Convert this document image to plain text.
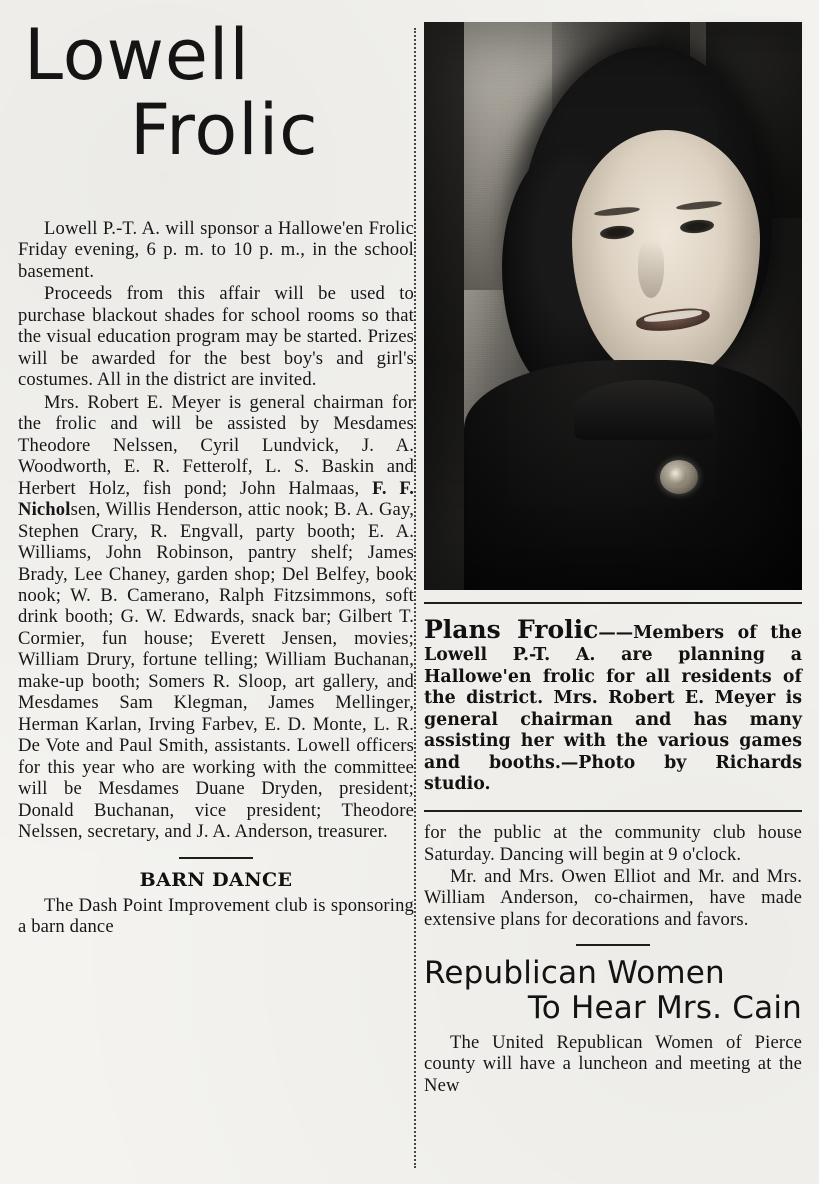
Lowell
Frolic

Lowell P.-T. A. will sponsor a Hallowe'en Frolic Friday evening, 6 p. m. to 10 p. m., in the school basement.

Proceeds from this affair will be used to purchase blackout shades for school rooms so that the visual education program may be started. Prizes will be awarded for the best boy's and girl's costumes. All in the district are invited.

Mrs. Robert E. Meyer is general chairman for the frolic and will be assisted by Mesdames Theodore Nelssen, Cyril Lundvick, J. A. Woodworth, E. R. Fetterolf, L. S. Baskin and Herbert Holz, fish pond; John Halmaas, F. F. Nicholsen, Willis Henderson, attic nook; B. A. Gay, Stephen Crary, R. Engvall, party booth; E. A. Williams, John Robinson, pantry shelf; James Brady, Lee Chaney, garden shop; Del Belfey, book nook; W. B. Camerano, Ralph Fitzsimmons, soft drink booth; G. W. Edwards, snack bar; Gilbert T. Cormier, fun house; Everett Jensen, movies; William Drury, fortune telling; William Buchanan, make-up booth; Somers R. Sloop, art gallery, and Mesdames Sam Klegman, James Mellinger, Herman Karlan, Irving Farbev, E. D. Monte, L. R. De Vote and Paul Smith, assistants. Lowell officers for this year who are working with the committee will be Mesdames Duane Dryden, president; Donald Buchanan, vice president; Theodore Nelssen, secretary, and J. A. Anderson, treasurer.

BARN DANCE

The Dash Point Improvement club is sponsoring a barn dance

Plans Frolic——Members of the Lowell P.-T. A. are planning a Hallowe'en frolic for all residents of the district. Mrs. Robert E. Meyer is general chairman and has many assisting her with the various games and booths.—Photo by Richards studio.

for the public at the community club house Saturday. Dancing will begin at 9 o'clock.

Mr. and Mrs. Owen Elliot and Mr. and Mrs. William Anderson, co-chairmen, have made extensive plans for decorations and favors.

Republican Women
To Hear Mrs. Cain

The United Republican Women of Pierce county will have a luncheon and meeting at the New
